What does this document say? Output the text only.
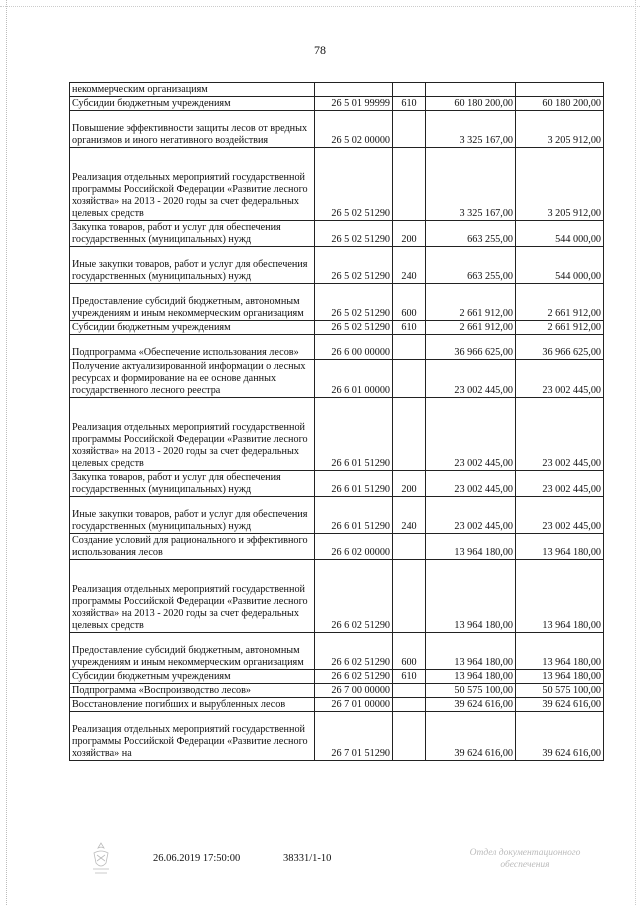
78
некоммерческим организациям				
Субсидии бюджетным учреждениям	26 5 01 99999	610	60 180 200,00	60 180 200,00
Повышение эффективности защиты лесов от вредных организмов и иного негативного воздействия	26 5 02 00000		3 325 167,00	3 205 912,00
Реализация отдельных мероприятий государственной программы Российской Федерации «Развитие лесного хозяйства» на 2013 - 2020 годы за счет федеральных целевых средств	26 5 02 51290		3 325 167,00	3 205 912,00
Закупка товаров, работ и услуг для обеспечения государственных (муниципальных) нужд	26 5 02 51290	200	663 255,00	544 000,00
Иные закупки товаров, работ и услуг для обеспечения государственных (муниципальных) нужд	26 5 02 51290	240	663 255,00	544 000,00
Предоставление субсидий бюджетным, автономным учреждениям и иным некоммерческим организациям	26 5 02 51290	600	2 661 912,00	2 661 912,00
Субсидии бюджетным учреждениям	26 5 02 51290	610	2 661 912,00	2 661 912,00
Подпрограмма «Обеспечение использования лесов»	26 6 00 00000		36 966 625,00	36 966 625,00
Получение актуализированной информации о лесных ресурсах и формирование на ее основе данных государственного лесного реестра	26 6 01 00000		23 002 445,00	23 002 445,00
Реализация отдельных мероприятий государственной программы Российской Федерации «Развитие лесного хозяйства» на 2013 - 2020 годы за счет федеральных целевых средств	26 6 01 51290		23 002 445,00	23 002 445,00
Закупка товаров, работ и услуг для обеспечения государственных (муниципальных) нужд	26 6 01 51290	200	23 002 445,00	23 002 445,00
Иные закупки товаров, работ и услуг для обеспечения государственных (муниципальных) нужд	26 6 01 51290	240	23 002 445,00	23 002 445,00
Создание условий для рационального и эффективного использования лесов	26 6 02 00000		13 964 180,00	13 964 180,00
Реализация отдельных мероприятий государственной программы Российской Федерации «Развитие лесного хозяйства» на 2013 - 2020 годы за счет федеральных целевых средств	26 6 02 51290		13 964 180,00	13 964 180,00
Предоставление субсидий бюджетным, автономным учреждениям и иным некоммерческим организациям	26 6 02 51290	600	13 964 180,00	13 964 180,00
Субсидии бюджетным учреждениям	26 6 02 51290	610	13 964 180,00	13 964 180,00
Подпрограмма «Воспроизводство лесов»	26 7 00 00000		50 575 100,00	50 575 100,00
Восстановление погибших и вырубленных лесов	26 7 01 00000		39 624 616,00	39 624 616,00
Реализация отдельных мероприятий государственной программы Российской Федерации «Развитие лесного хозяйства» на	26 7 01 51290		39 624 616,00	39 624 616,00
26.06.2019 17:50:00	38331/1-10	Отдел документационного обеспечения
